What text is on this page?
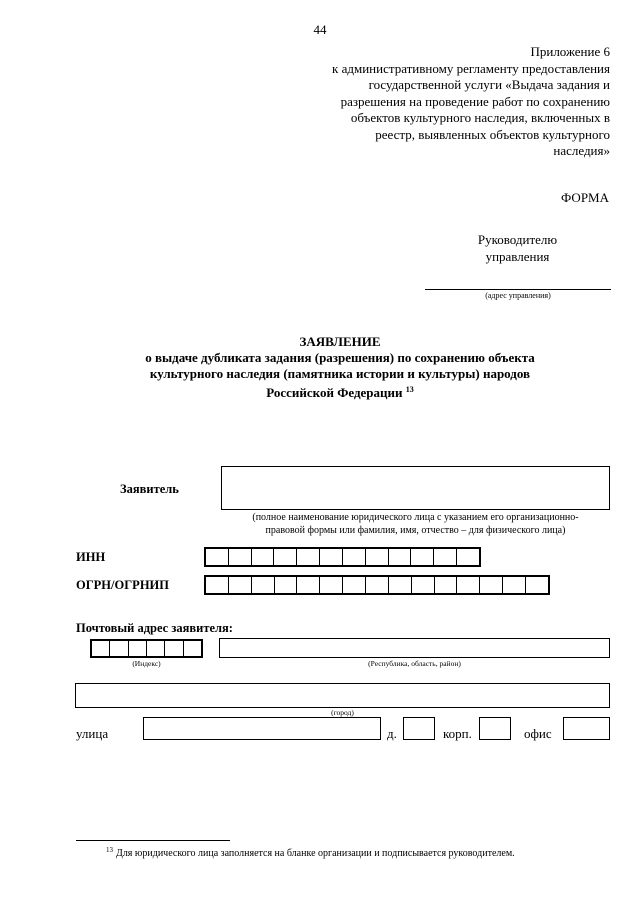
44
Приложение 6
к административному регламенту предоставления
государственной услуги «Выдача задания и
разрешения на проведение работ по сохранению
объектов культурного наследия, включенных в
реестр, выявленных объектов культурного
наследия»
ФОРМА
Руководителю
управления
(адрес управления)
ЗАЯВЛЕНИЕ
о выдаче дубликата задания (разрешения) по сохранению объекта
культурного наследия (памятника истории и культуры) народов
Российской Федерации $^{13}$
Заявитель
(полное наименование юридического лица с указанием его организационно-
правовой формы или фамилия, имя, отчество – для физического лица)
ИНН
ОГРН/ОГРНИП
Почтовый адрес заявителя:
(Индекс)	(Республика, область, район)
(город)
улица	д.	корп.	офис
$^{13}$ Для юридического лица заполняется на бланке организации и подписывается руководителем.
